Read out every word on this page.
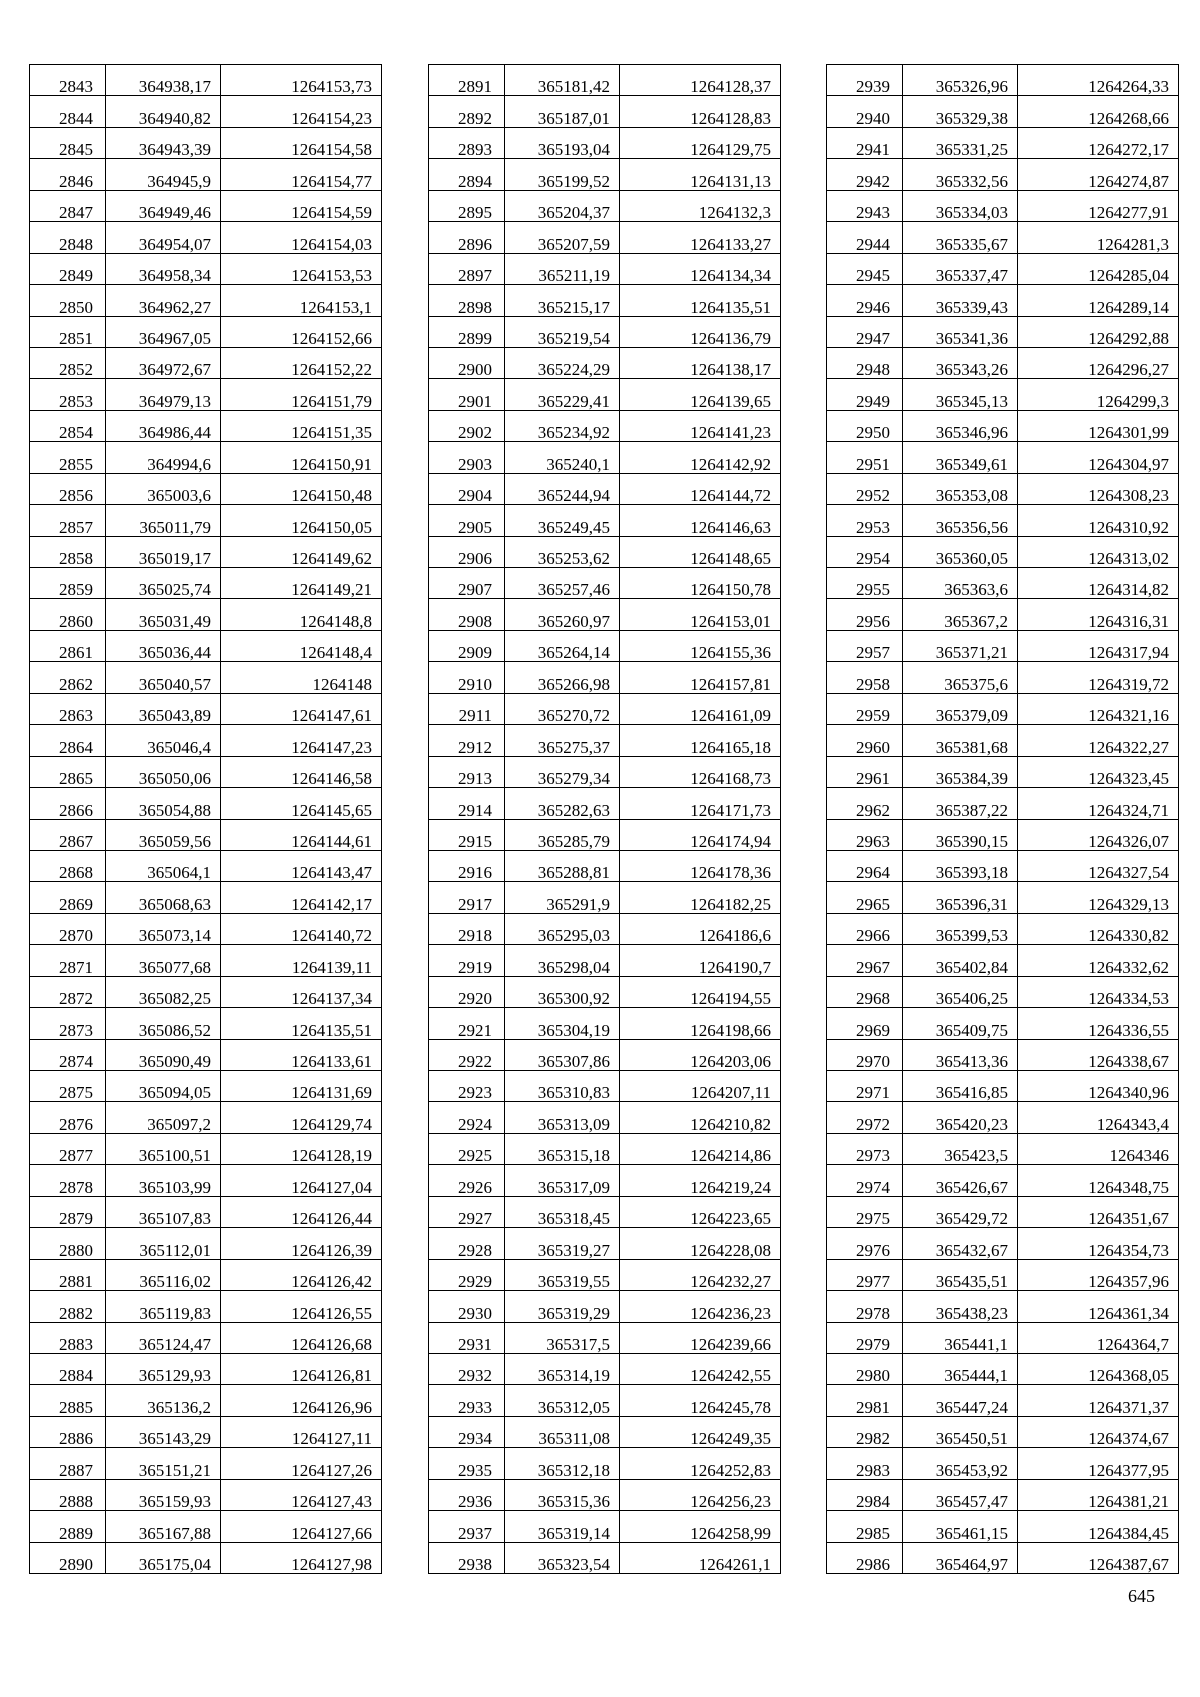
2843	364938,17	1264153,73
2844	364940,82	1264154,23
2845	364943,39	1264154,58
2846	364945,9	1264154,77
2847	364949,46	1264154,59
2848	364954,07	1264154,03
2849	364958,34	1264153,53
2850	364962,27	1264153,1
2851	364967,05	1264152,66
2852	364972,67	1264152,22
2853	364979,13	1264151,79
2854	364986,44	1264151,35
2855	364994,6	1264150,91
2856	365003,6	1264150,48
2857	365011,79	1264150,05
2858	365019,17	1264149,62
2859	365025,74	1264149,21
2860	365031,49	1264148,8
2861	365036,44	1264148,4
2862	365040,57	1264148
2863	365043,89	1264147,61
2864	365046,4	1264147,23
2865	365050,06	1264146,58
2866	365054,88	1264145,65
2867	365059,56	1264144,61
2868	365064,1	1264143,47
2869	365068,63	1264142,17
2870	365073,14	1264140,72
2871	365077,68	1264139,11
2872	365082,25	1264137,34
2873	365086,52	1264135,51
2874	365090,49	1264133,61
2875	365094,05	1264131,69
2876	365097,2	1264129,74
2877	365100,51	1264128,19
2878	365103,99	1264127,04
2879	365107,83	1264126,44
2880	365112,01	1264126,39
2881	365116,02	1264126,42
2882	365119,83	1264126,55
2883	365124,47	1264126,68
2884	365129,93	1264126,81
2885	365136,2	1264126,96
2886	365143,29	1264127,11
2887	365151,21	1264127,26
2888	365159,93	1264127,43
2889	365167,88	1264127,66
2890	365175,04	1264127,98
2891	365181,42	1264128,37
2892	365187,01	1264128,83
2893	365193,04	1264129,75
2894	365199,52	1264131,13
2895	365204,37	1264132,3
2896	365207,59	1264133,27
2897	365211,19	1264134,34
2898	365215,17	1264135,51
2899	365219,54	1264136,79
2900	365224,29	1264138,17
2901	365229,41	1264139,65
2902	365234,92	1264141,23
2903	365240,1	1264142,92
2904	365244,94	1264144,72
2905	365249,45	1264146,63
2906	365253,62	1264148,65
2907	365257,46	1264150,78
2908	365260,97	1264153,01
2909	365264,14	1264155,36
2910	365266,98	1264157,81
2911	365270,72	1264161,09
2912	365275,37	1264165,18
2913	365279,34	1264168,73
2914	365282,63	1264171,73
2915	365285,79	1264174,94
2916	365288,81	1264178,36
2917	365291,9	1264182,25
2918	365295,03	1264186,6
2919	365298,04	1264190,7
2920	365300,92	1264194,55
2921	365304,19	1264198,66
2922	365307,86	1264203,06
2923	365310,83	1264207,11
2924	365313,09	1264210,82
2925	365315,18	1264214,86
2926	365317,09	1264219,24
2927	365318,45	1264223,65
2928	365319,27	1264228,08
2929	365319,55	1264232,27
2930	365319,29	1264236,23
2931	365317,5	1264239,66
2932	365314,19	1264242,55
2933	365312,05	1264245,78
2934	365311,08	1264249,35
2935	365312,18	1264252,83
2936	365315,36	1264256,23
2937	365319,14	1264258,99
2938	365323,54	1264261,1
2939	365326,96	1264264,33
2940	365329,38	1264268,66
2941	365331,25	1264272,17
2942	365332,56	1264274,87
2943	365334,03	1264277,91
2944	365335,67	1264281,3
2945	365337,47	1264285,04
2946	365339,43	1264289,14
2947	365341,36	1264292,88
2948	365343,26	1264296,27
2949	365345,13	1264299,3
2950	365346,96	1264301,99
2951	365349,61	1264304,97
2952	365353,08	1264308,23
2953	365356,56	1264310,92
2954	365360,05	1264313,02
2955	365363,6	1264314,82
2956	365367,2	1264316,31
2957	365371,21	1264317,94
2958	365375,6	1264319,72
2959	365379,09	1264321,16
2960	365381,68	1264322,27
2961	365384,39	1264323,45
2962	365387,22	1264324,71
2963	365390,15	1264326,07
2964	365393,18	1264327,54
2965	365396,31	1264329,13
2966	365399,53	1264330,82
2967	365402,84	1264332,62
2968	365406,25	1264334,53
2969	365409,75	1264336,55
2970	365413,36	1264338,67
2971	365416,85	1264340,96
2972	365420,23	1264343,4
2973	365423,5	1264346
2974	365426,67	1264348,75
2975	365429,72	1264351,67
2976	365432,67	1264354,73
2977	365435,51	1264357,96
2978	365438,23	1264361,34
2979	365441,1	1264364,7
2980	365444,1	1264368,05
2981	365447,24	1264371,37
2982	365450,51	1264374,67
2983	365453,92	1264377,95
2984	365457,47	1264381,21
2985	365461,15	1264384,45
2986	365464,97	1264387,67
645
